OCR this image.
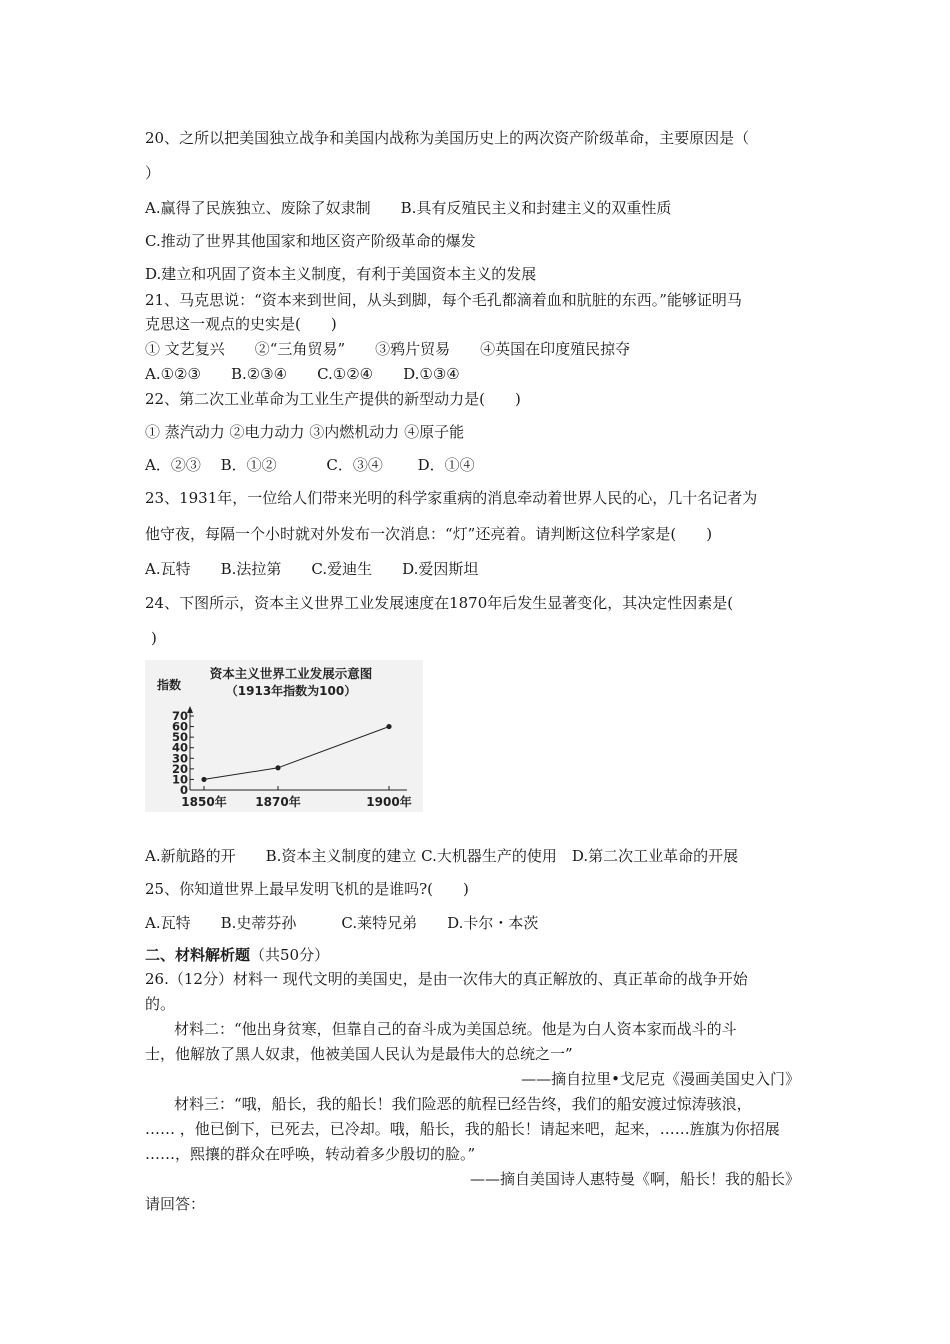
20、之所以把美国独立战争和美国内战称为美国历史上的两次资产阶级革命，主要原因是（
）
A.赢得了民族独立、废除了奴隶制 B.具有反殖民主义和封建主义的双重性质
C.推动了世界其他国家和地区资产阶级革命的爆发
D.建立和巩固了资本主义制度，有利于美国资本主义的发展
21、马克思说：“资本来到世间，从头到脚，每个毛孔都滴着血和肮脏的东西。”能够证明马
克思这一观点的史实是(　　)
① 文艺复兴　　②“三角贸易”　　③鸦片贸易　　④英国在印度殖民掠夺
A.①②③　　B.②③④　　C.①②④　　D.①③④
22、第二次工业革命为工业生产提供的新型动力是(　　)
① 蒸汽动力 ②电力动力 ③内燃机动力 ④原子能
A．②③　 B．①②　　　 C．③④　　 D．①④
23、1931年，一位给人们带来光明的科学家重病的消息牵动着世界人民的心，几十名记者为
他守夜，每隔一个小时就对外发布一次消息：“灯”还亮着。请判断这位科学家是(　　)
A.瓦特　　B.法拉第　　C.爱迪生　　D.爱因斯坦
24、下图所示，资本主义世界工业发展速度在1870年后发生显著变化，其决定性因素是(
)
资本主义世界工业发展示意图
（1913年指数为100）
指数
0
10
20
30
40
50
60
70
1850年 1870年	1900年
A.新航路的开　　B.资本主义制度的建立 C.大机器生产的使用　D.第二次工业革命的开展
25、你知道世界上最早发明飞机的是谁吗?(　　)
A.瓦特　　B.史蒂芬孙　　　C.莱特兄弟　　D.卡尔・本茨
二、材料解析题（共50分）
26.（12分）材料一 现代文明的美国史，是由一次伟大的真正解放的、真正革命的战争开始
的。
材料二：“他出身贫寒，但靠自己的奋斗成为美国总统。他是为白人资本家而战斗的斗
士，他解放了黑人奴隶，他被美国人民认为是最伟大的总统之一”
——摘自拉里•戈尼克《漫画美国史入门》
材料三：“哦，船长，我的船长！我们险恶的航程已经告终，我们的船安渡过惊涛骇浪，
…… ，他已倒下，已死去，已冷却。哦，船长，我的船长！请起来吧，起来，……旌旗为你招展
……，熙攘的群众在呼唤，转动着多少殷切的脸。”
——摘自美国诗人惠特曼《啊，船长！我的船长》
请回答：
